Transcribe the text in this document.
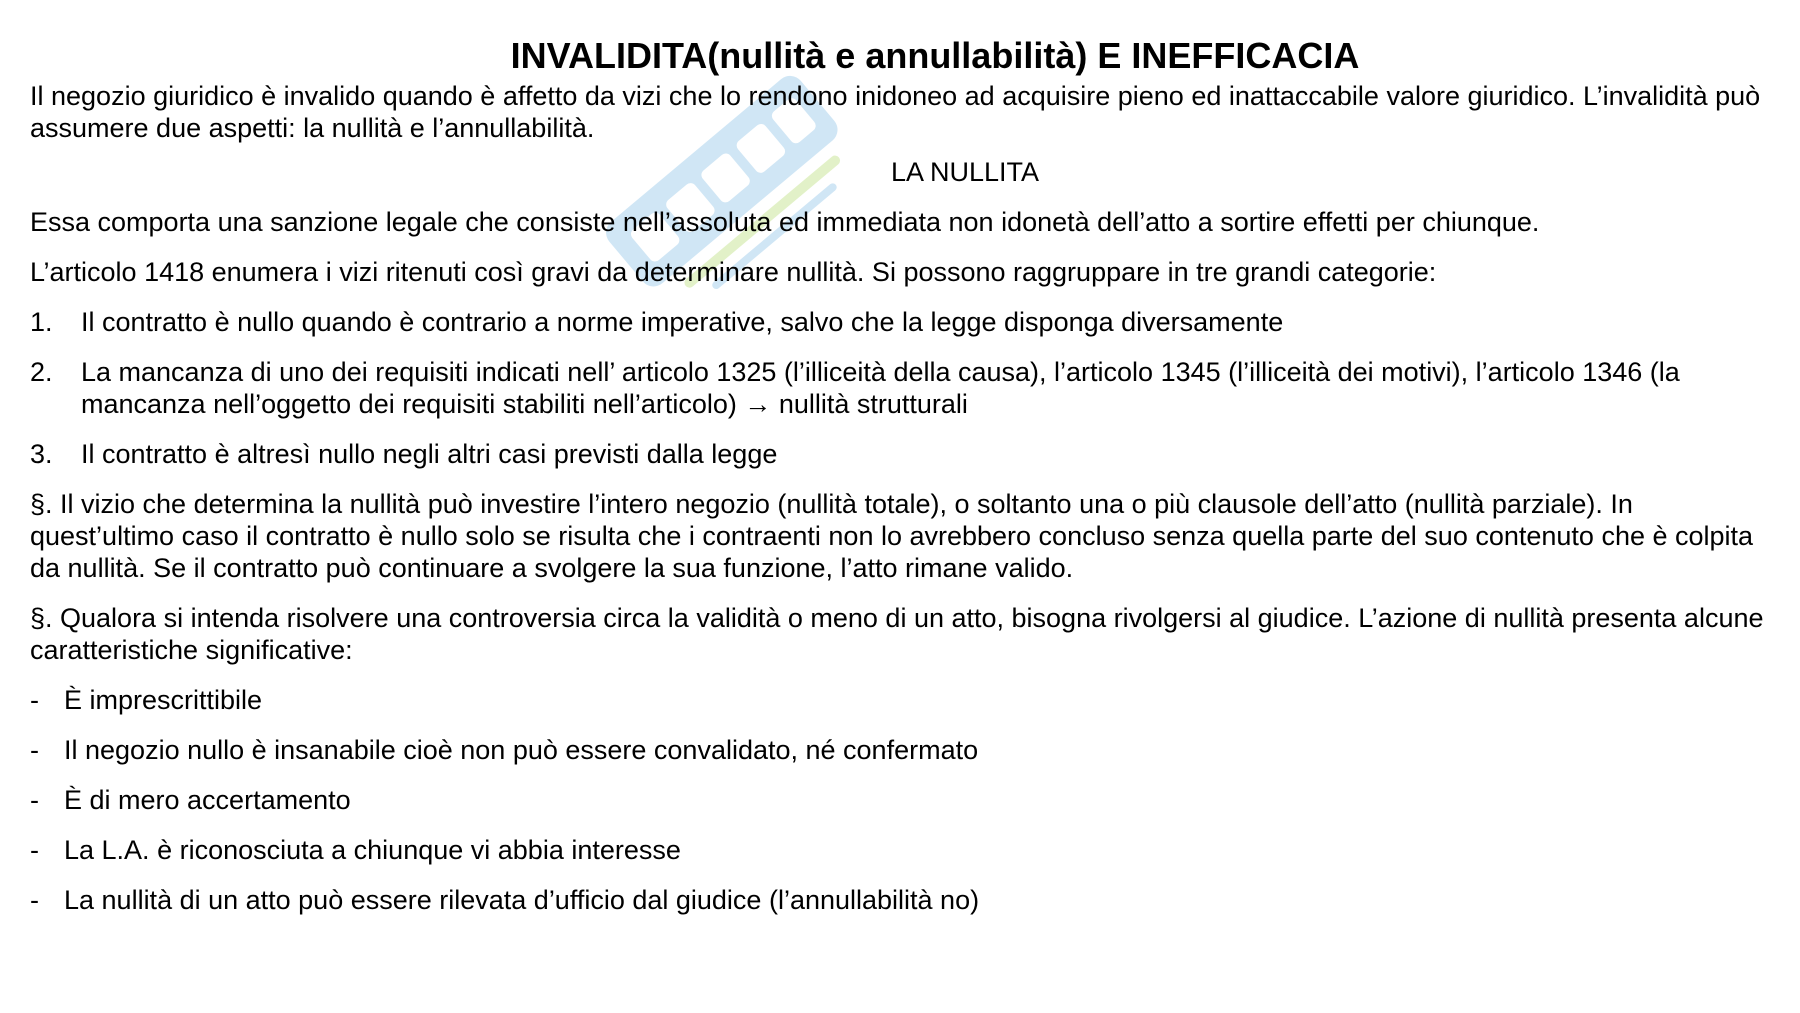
INVALIDITA(nullità e annullabilità) E INEFFICACIA

Il negozio giuridico è invalido quando è affetto da vizi che lo rendono inidoneo ad acquisire pieno ed inattaccabile valore giuridico. L’invalidità può assumere due aspetti: la nullità e l’annullabilità.

LA NULLITA

Essa comporta una sanzione legale che consiste nell’assoluta ed immediata non idonetà dell’atto a sortire effetti per chiunque.

L’articolo 1418 enumera i vizi ritenuti così gravi da determinare nullità. Si possono raggruppare in tre grandi categorie:

1. Il contratto è nullo quando è contrario a norme imperative, salvo che la legge disponga diversamente
2. La mancanza di uno dei requisiti indicati nell’ articolo 1325 (l’illiceità della causa), l’articolo 1345 (l’illiceità dei motivi), l’articolo 1346 (la mancanza nell’oggetto dei requisiti stabiliti nell’articolo) → nullità strutturali
3. Il contratto è altresì nullo negli altri casi previsti dalla legge

§. Il vizio che determina la nullità può investire l’intero negozio (nullità totale), o soltanto una o più clausole dell’atto (nullità parziale). In quest’ultimo caso il contratto è nullo solo se risulta che i contraenti non lo avrebbero concluso senza quella parte del suo contenuto che è colpita da nullità. Se il contratto può continuare a svolgere la sua funzione, l’atto rimane valido.

§. Qualora si intenda risolvere una controversia circa la validità o meno di un atto, bisogna rivolgersi al giudice. L’azione di nullità presenta alcune caratteristiche significative:

- È imprescrittibile
- Il negozio nullo è insanabile cioè non può essere convalidato, né confermato
- È di mero accertamento
- La L.A. è riconosciuta a chiunque vi abbia interesse
- La nullità di un atto può essere rilevata d’ufficio dal giudice (l’annullabilità no)
